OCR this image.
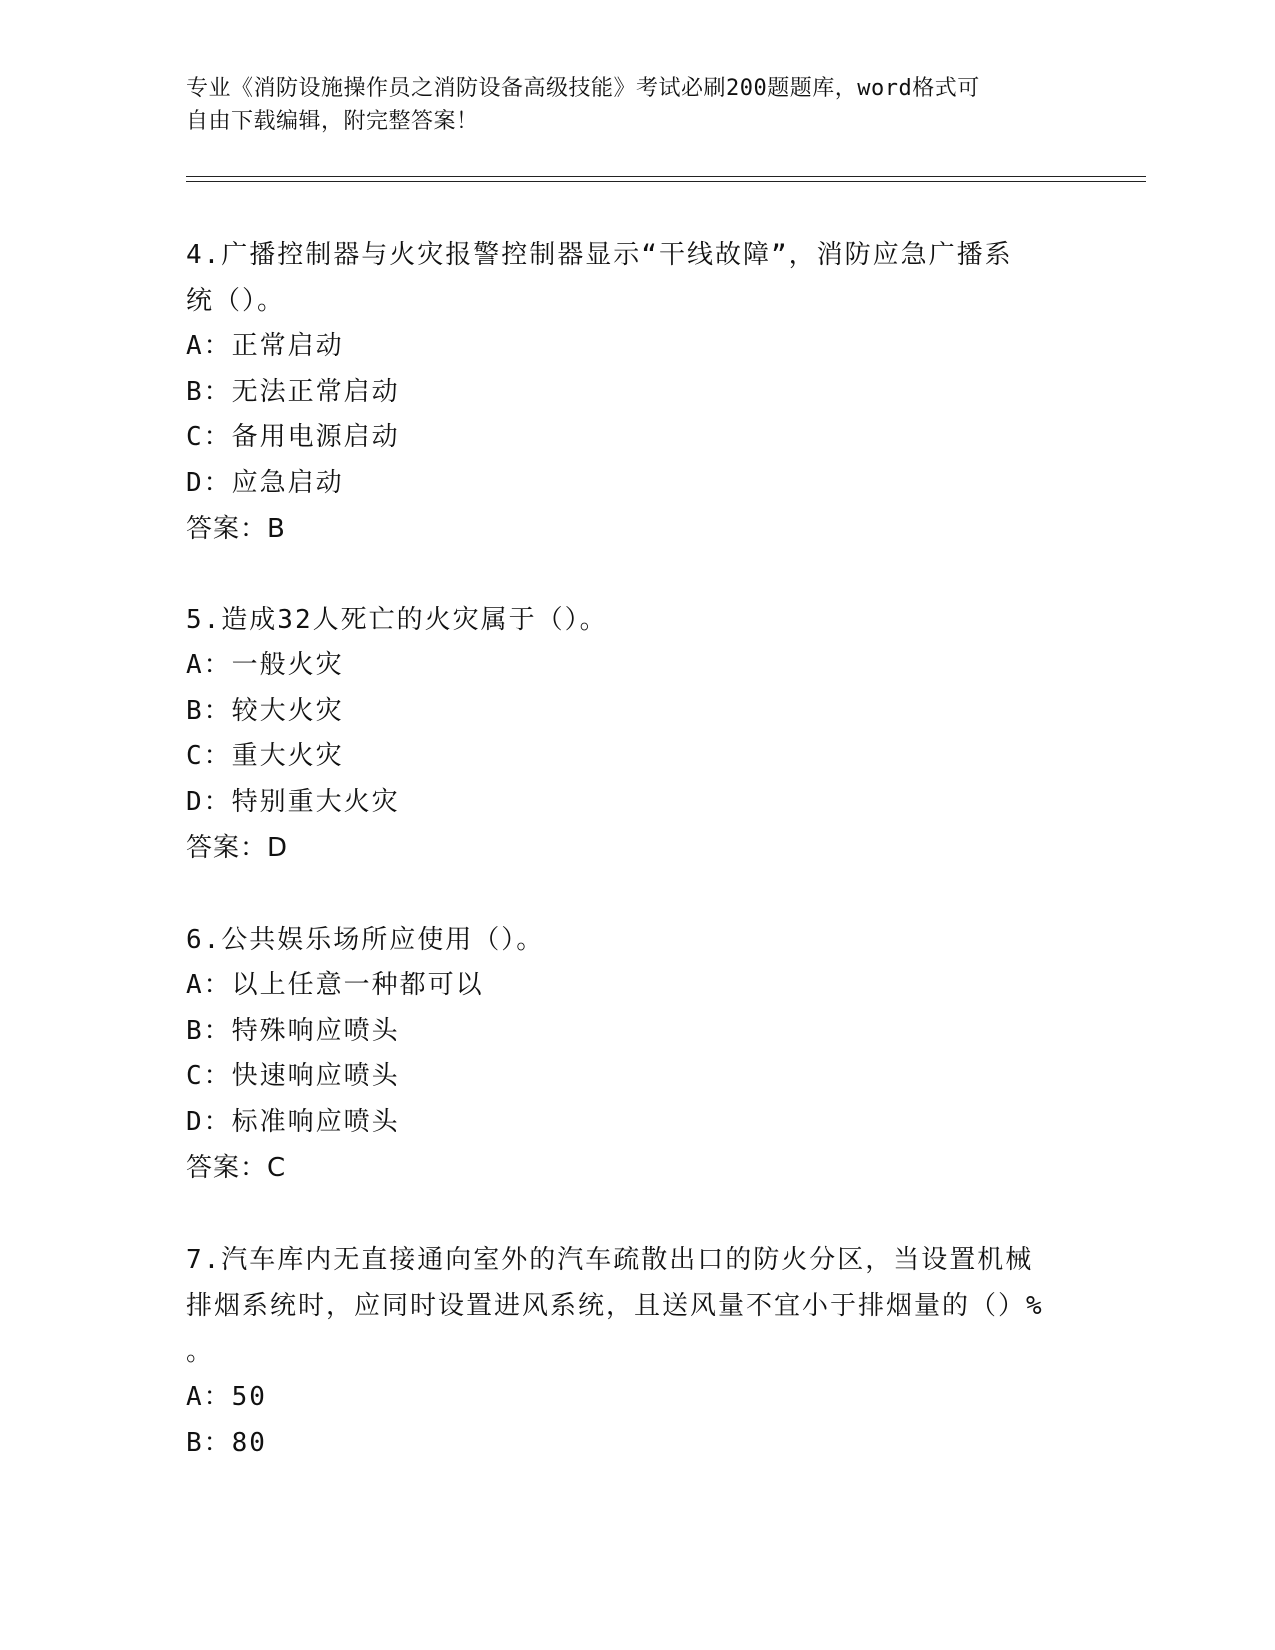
专业《消防设施操作员之消防设备高级技能》考试必刷200题题库，word格式可
自由下载编辑，附完整答案！
4.广播控制器与火灾报警控制器显示“干线故障”，消防应急广播系
统（）。
A：正常启动
B：无法正常启动
C：备用电源启动
D：应急启动
答案：B
5.造成32人死亡的火灾属于（）。
A：一般火灾
B：较大火灾
C：重大火灾
D：特别重大火灾
答案：D
6.公共娱乐场所应使用（）。
A：以上任意一种都可以
B：特殊响应喷头
C：快速响应喷头
D：标准响应喷头
答案：C
7.汽车库内无直接通向室外的汽车疏散出口的防火分区，当设置机械
排烟系统时，应同时设置进风系统，且送风量不宜小于排烟量的（）%
。
A：50
B：80
